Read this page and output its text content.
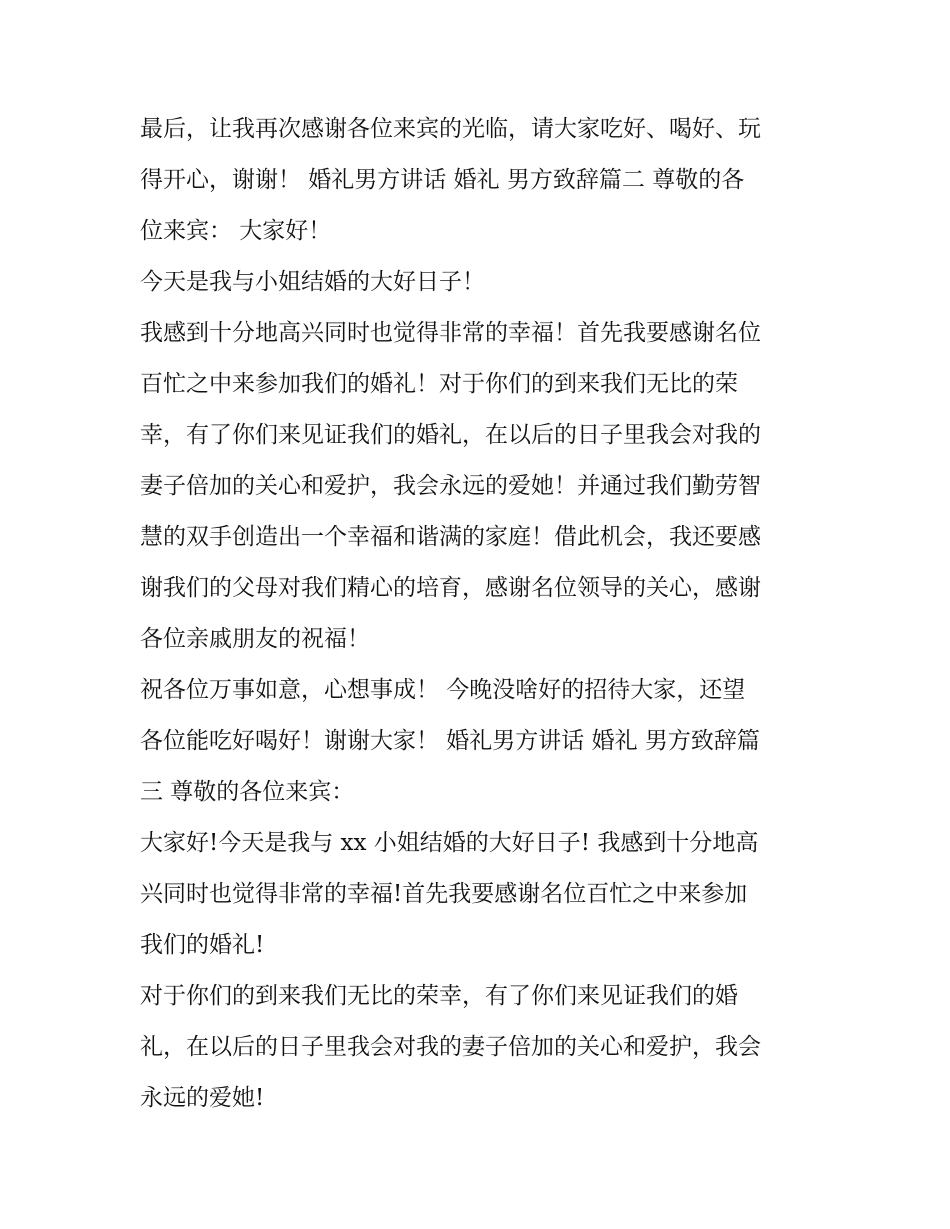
最后，让我再次感谢各位来宾的光临，请大家吃好、喝好、玩
得开心，谢谢！ 婚礼男方讲话 婚礼 男方致辞篇二 尊敬的各
位来宾： 大家好！

今天是我与小姐结婚的大好日子！

我感到十分地高兴同时也觉得非常的幸福！首先我要感谢名位
百忙之中来参加我们的婚礼！对于你们的到来我们无比的荣
幸，有了你们来见证我们的婚礼，在以后的日子里我会对我的
妻子倍加的关心和爱护，我会永远的爱她！并通过我们勤劳智
慧的双手创造出一个幸福和谐满的家庭！借此机会，我还要感
谢我们的父母对我们精心的培育，感谢名位领导的关心，感谢
各位亲戚朋友的祝福！

祝各位万事如意，心想事成！ 今晚没啥好的招待大家，还望
各位能吃好喝好！谢谢大家！ 婚礼男方讲话 婚礼 男方致辞篇
三 尊敬的各位来宾：

大家好!今天是我与 xx 小姐结婚的大好日子! 我感到十分地高
兴同时也觉得非常的幸福!首先我要感谢名位百忙之中来参加
我们的婚礼!

对于你们的到来我们无比的荣幸，有了你们来见证我们的婚
礼，在以后的日子里我会对我的妻子倍加的关心和爱护，我会
永远的爱她!
